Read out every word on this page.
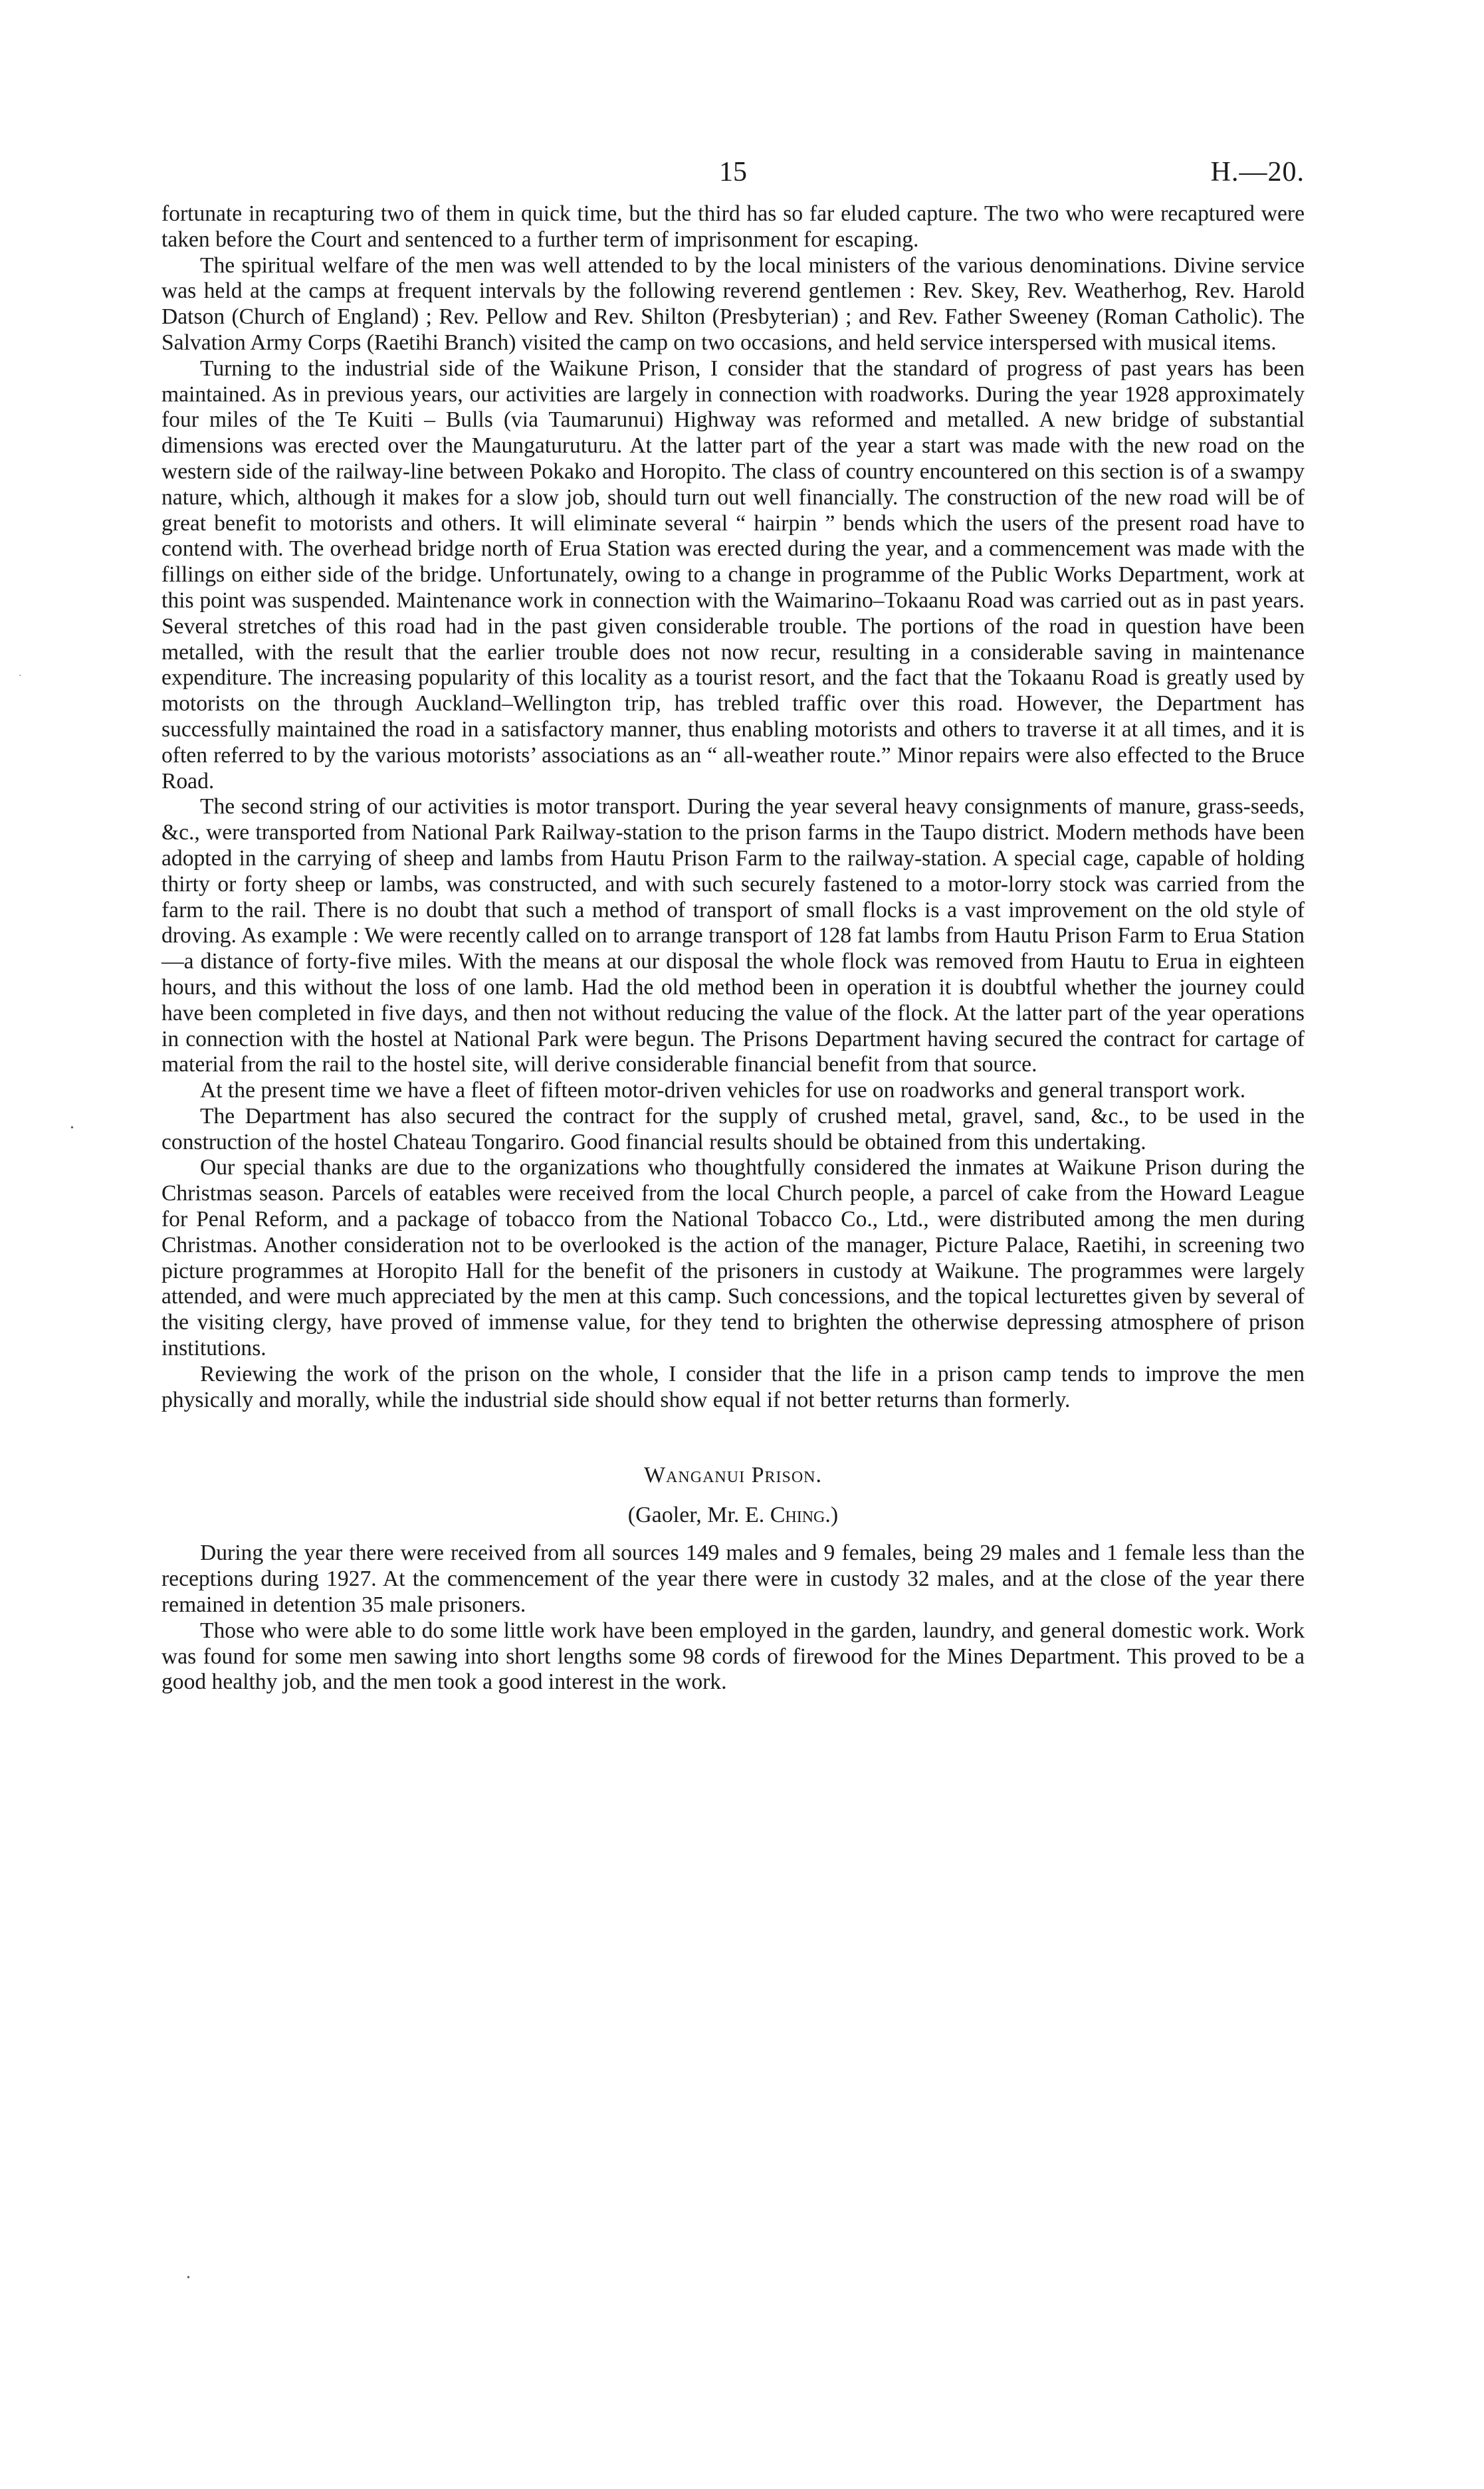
15	H.—20.

fortunate in recapturing two of them in quick time, but the third has so far eluded capture. The two who were recaptured were taken before the Court and sentenced to a further term of imprisonment for escaping.

The spiritual welfare of the men was well attended to by the local ministers of the various denominations. Divine service was held at the camps at frequent intervals by the following reverend gentlemen : Rev. Skey, Rev. Weatherhog, Rev. Harold Datson (Church of England) ; Rev. Pellow and Rev. Shilton (Presbyterian) ; and Rev. Father Sweeney (Roman Catholic). The Salvation Army Corps (Raetihi Branch) visited the camp on two occasions, and held service interspersed with musical items.

Turning to the industrial side of the Waikune Prison, I consider that the standard of progress of past years has been maintained. As in previous years, our activities are largely in connection with roadworks. During the year 1928 approximately four miles of the Te Kuiti – Bulls (via Taumarunui) Highway was reformed and metalled. A new bridge of substantial dimensions was erected over the Maungaturuturu. At the latter part of the year a start was made with the new road on the western side of the railway-line between Pokako and Horopito. The class of country encountered on this section is of a swampy nature, which, although it makes for a slow job, should turn out well financially. The construction of the new road will be of great benefit to motorists and others. It will eliminate several “ hairpin ” bends which the users of the present road have to contend with. The overhead bridge north of Erua Station was erected during the year, and a commencement was made with the fillings on either side of the bridge. Unfortunately, owing to a change in programme of the Public Works Department, work at this point was suspended. Maintenance work in connection with the Waimarino–Tokaanu Road was carried out as in past years. Several stretches of this road had in the past given considerable trouble. The portions of the road in question have been metalled, with the result that the earlier trouble does not now recur, resulting in a considerable saving in maintenance expenditure. The increasing popularity of this locality as a tourist resort, and the fact that the Tokaanu Road is greatly used by motorists on the through Auckland–Wellington trip, has trebled traffic over this road. However, the Department has successfully maintained the road in a satisfactory manner, thus enabling motorists and others to traverse it at all times, and it is often referred to by the various motorists’ associations as an “ all-weather route.” Minor repairs were also effected to the Bruce Road.

The second string of our activities is motor transport. During the year several heavy consignments of manure, grass-seeds, &c., were transported from National Park Railway-station to the prison farms in the Taupo district. Modern methods have been adopted in the carrying of sheep and lambs from Hautu Prison Farm to the railway-station. A special cage, capable of holding thirty or forty sheep or lambs, was constructed, and with such securely fastened to a motor-lorry stock was carried from the farm to the rail. There is no doubt that such a method of transport of small flocks is a vast improvement on the old style of droving. As example : We were recently called on to arrange transport of 128 fat lambs from Hautu Prison Farm to Erua Station—a distance of forty-five miles. With the means at our disposal the whole flock was removed from Hautu to Erua in eighteen hours, and this without the loss of one lamb. Had the old method been in operation it is doubtful whether the journey could have been completed in five days, and then not without reducing the value of the flock. At the latter part of the year operations in connection with the hostel at National Park were begun. The Prisons Department having secured the contract for cartage of material from the rail to the hostel site, will derive considerable financial benefit from that source.

At the present time we have a fleet of fifteen motor-driven vehicles for use on roadworks and general transport work.

The Department has also secured the contract for the supply of crushed metal, gravel, sand, &c., to be used in the construction of the hostel Chateau Tongariro. Good financial results should be obtained from this undertaking.

Our special thanks are due to the organizations who thoughtfully considered the inmates at Waikune Prison during the Christmas season. Parcels of eatables were received from the local Church people, a parcel of cake from the Howard League for Penal Reform, and a package of tobacco from the National Tobacco Co., Ltd., were distributed among the men during Christmas. Another consideration not to be overlooked is the action of the manager, Picture Palace, Raetihi, in screening two picture programmes at Horopito Hall for the benefit of the prisoners in custody at Waikune. The programmes were largely attended, and were much appreciated by the men at this camp. Such concessions, and the topical lecturettes given by several of the visiting clergy, have proved of immense value, for they tend to brighten the otherwise depressing atmosphere of prison institutions.

Reviewing the work of the prison on the whole, I consider that the life in a prison camp tends to improve the men physically and morally, while the industrial side should show equal if not better returns than formerly.

Wanganui Prison.
(Gaoler, Mr. E. Ching.)

During the year there were received from all sources 149 males and 9 females, being 29 males and 1 female less than the receptions during 1927. At the commencement of the year there were in custody 32 males, and at the close of the year there remained in detention 35 male prisoners.

Those who were able to do some little work have been employed in the garden, laundry, and general domestic work. Work was found for some men sawing into short lengths some 98 cords of firewood for the Mines Department. This proved to be a good healthy job, and the men took a good interest in the work.

•
·
•
